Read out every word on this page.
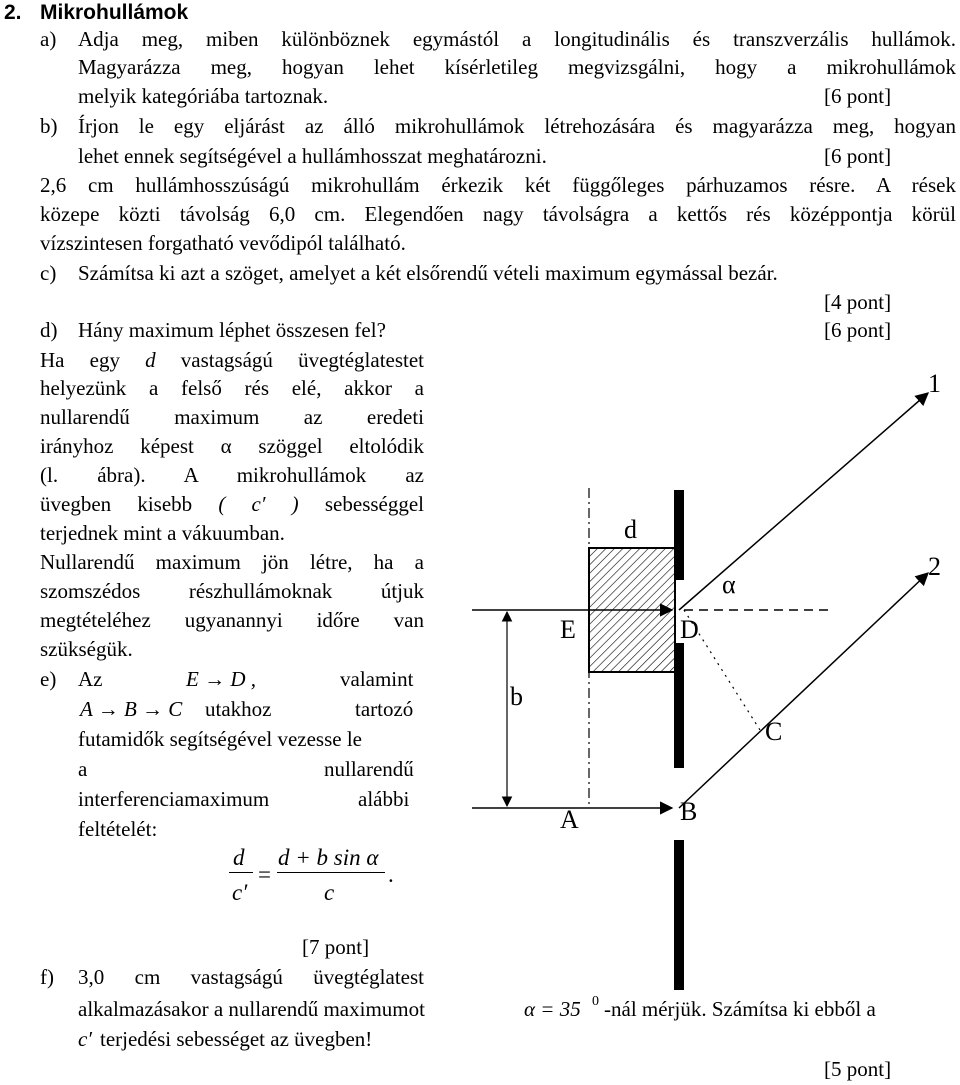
2. Mikrohullámok
a) Adja meg, miben különböznek egymástól a longitudinális és transzverzális hullámok.
Magyarázza meg, hogyan lehet kísérletileg megvizsgálni, hogy a mikrohullámok
melyik kategóriába tartoznak.	[6 pont]
b) Írjon le egy eljárást az álló mikrohullámok létrehozására és magyarázza meg, hogyan
lehet ennek segítségével a hullámhosszat meghatározni.	[6 pont]
2,6 cm hullámhosszúságú mikrohullám érkezik két függőleges párhuzamos résre. A rések
közepe közti távolság 6,0 cm. Elegendően nagy távolságra a kettős rés középpontja körül
vízszintesen forgatható vevődipól található.
c) Számítsa ki azt a szöget, amelyet a két elsőrendű vételi maximum egymással bezár.
[4 pont]
d) Hány maximum léphet összesen fel?	[6 pont]
Ha egy d vastagságú üvegtéglatestet
helyezünk a felső rés elé, akkor a
nullarendű maximum az eredeti
irányhoz képest α szöggel eltolódik
(l. ábra). A mikrohullámok az
üvegben kisebb ( c′ ) sebességgel
terjednek mint a vákuumban.
Nullarendű maximum jön létre, ha a
szomszédos részhullámoknak útjuk
megtételéhez ugyanannyi időre van
szükségük.
e) Az	E → D ,	valamint
A → B → C utakhoz	tartozó
futamidők segítségével vezesse le
a	nullarendű
interferenciamaximum	alábbi
feltételét:
d
c′
=
d + b sin α
c
.
[7 pont]
f) 3,0 cm vastagságú üvegtéglatest
alkalmazásakor a nullarendű maximumot	α = 35 0 -nál mérjük. Számítsa ki ebből a
c′ terjedési sebességet az üvegben!
[5 pont]
d
E	D
b
A	B
C
α
1
2
